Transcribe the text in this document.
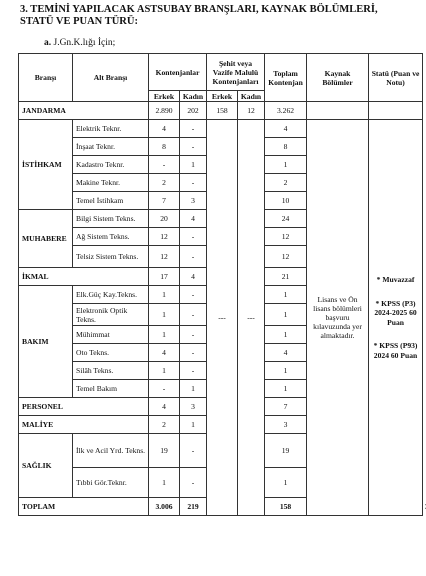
3. TEMİNİ YAPILACAK ASTSUBAY BRANŞLARI, KAYNAK BÖLÜMLERİ, STATÜ VE PUAN TÜRÜ:
a. J.Gn.K.lığı İçin;
Branşı	Alt Branşı	Kontenjanlar		Şehit veya Vazife Malulü Kontenjanları		Toplam Kontenjan	Kaynak Bölümler	Statü (Puan ve Notu)	
		Erkek	Kadın	Erkek	Kadın				
JANDARMA		2.890	202	158	12	3.262			
İSTİHKAM	Elektrik Teknr.	4	-	---	---	4	Lisans ve Ön lisans bölümleri başvuru kılavuzunda yer almaktadır.	* Muvazzaf
* KPSS (P3) 2024-2025 60 Puan
* KPSS (P93) 2024 60 Puan	

	İnşaat Teknr.	8	-			8			
	Kadastro Teknr.	-	1			1			
	Makine Teknr.	2	-			2			
	Temel İstihkam	7	3			10			
MUHABERE	Bilgi Sistem Tekns.	20	4			24			
	Ağ Sistem Tekns.	12	-			12			
	Telsiz Sistem Tekns.	12	-			12			
İKMAL		17	4			21			
BAKIM	Elk.Güç Kay.Tekns.	1	-			1			
	Elektronik Optik Tekns.	1	-			1			
	Mühimmat	1	-			1			
	Oto Tekns.	4	-			4			
	Silâh Tekns.	1	-			1			
	Temel Bakım	-	1			1			
PERSONEL		4	3			7			
MALİYE		2	1			3			
SAĞLIK	İlk ve Acil Yrd. Tekns.	19	-			19			
	Tıbbi Gör.Teknr.	1	-			1			
TOPLAM		3.006	219			158				
